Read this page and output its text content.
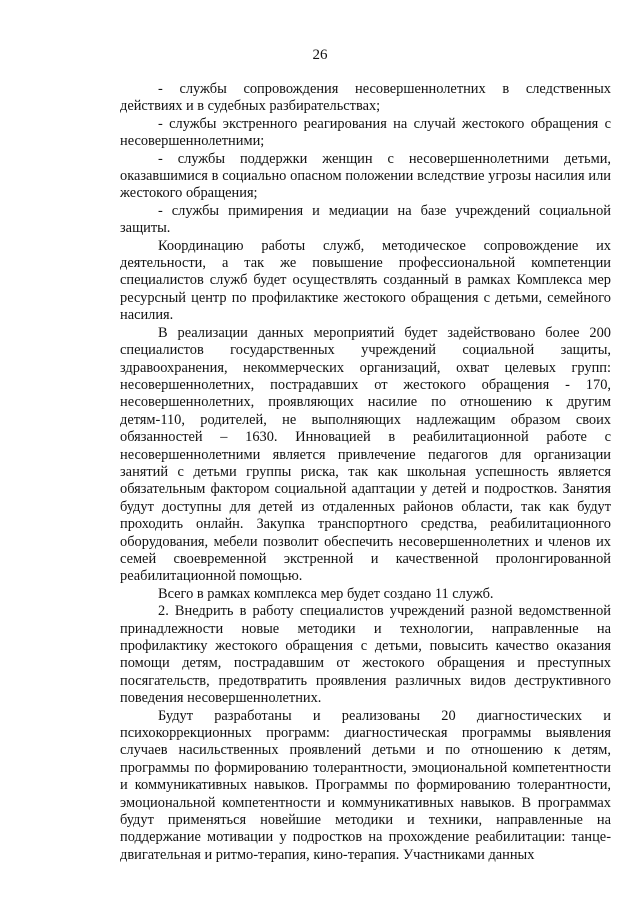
26

- службы сопровождения несовершеннолетних в следственных действиях и в судебных разбирательствах;

- службы экстренного реагирования на случай жестокого обращения с несовершеннолетними;

- службы поддержки женщин с несовершеннолетними детьми, оказавшимися в социально опасном положении вследствие угрозы насилия или жестокого обращения;

- службы примирения и медиации на базе учреждений социальной защиты.

Координацию работы служб, методическое сопровождение их деятельности, а так же повышение профессиональной компетенции специалистов служб будет осуществлять созданный в рамках Комплекса мер ресурсный центр по профилактике жестокого обращения с детьми, семейного насилия.

В реализации данных мероприятий будет задействовано более 200 специалистов государственных учреждений социальной защиты, здравоохранения, некоммерческих организаций, охват целевых групп: несовершеннолетних, пострадавших от жестокого обращения - 170, несовершеннолетних, проявляющих насилие по отношению к другим детям-110, родителей, не выполняющих надлежащим образом своих обязанностей – 1630. Инновацией в реабилитационной работе с несовершеннолетними является привлечение педагогов для организации занятий с детьми группы риска, так как школьная успешность является обязательным фактором социальной адаптации у детей и подростков. Занятия будут доступны для детей из отдаленных районов области, так как будут проходить онлайн. Закупка транспортного средства, реабилитационного оборудования, мебели позволит обеспечить несовершеннолетних и членов их семей своевременной экстренной и качественной пролонгированной реабилитационной помощью.

Всего в рамках комплекса мер будет создано 11 служб.

2. Внедрить в работу специалистов учреждений разной ведомственной принадлежности новые методики и технологии, направленные на профилактику жестокого обращения с детьми, повысить качество оказания помощи детям, пострадавшим от жестокого обращения и преступных посягательств, предотвратить проявления различных видов деструктивного поведения несовершеннолетних.

Будут разработаны и реализованы 20 диагностических и психокоррекционных программ: диагностическая программы выявления случаев насильственных проявлений детьми и по отношению к детям, программы по формированию толерантности, эмоциональной компетентности и коммуникативных навыков. Программы по формированию толерантности, эмоциональной компетентности и коммуникативных навыков. В программах будут применяться новейшие методики и техники, направленные на поддержание мотивации у подростков на прохождение реабилитации: танце-двигательная и ритмо-терапия, кино-терапия. Участниками данных
